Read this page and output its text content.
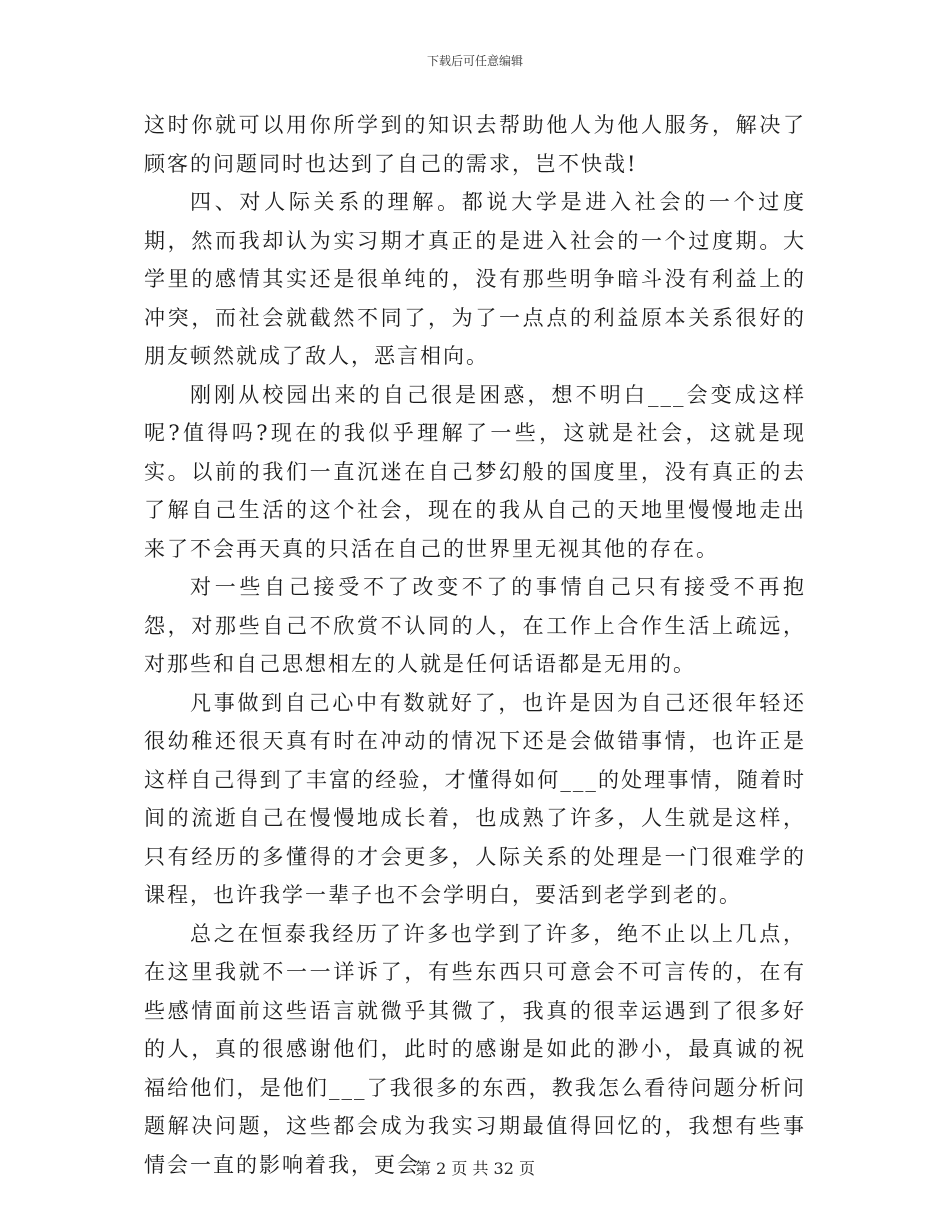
下载后可任意编辑

这时你就可以用你所学到的知识去帮助他人为他人服务，解决了顾客的问题同时也达到了自己的需求，岂不快哉!

四、对人际关系的理解。都说大学是进入社会的一个过度期，然而我却认为实习期才真正的是进入社会的一个过度期。大学里的感情其实还是很单纯的，没有那些明争暗斗没有利益上的冲突，而社会就截然不同了，为了一点点的利益原本关系很好的朋友顿然就成了敌人，恶言相向。

刚刚从校园出来的自己很是困惑，想不明白___会变成这样呢?值得吗?现在的我似乎理解了一些，这就是社会，这就是现实。以前的我们一直沉迷在自己梦幻般的国度里，没有真正的去了解自己生活的这个社会，现在的我从自己的天地里慢慢地走出来了不会再天真的只活在自己的世界里无视其他的存在。

对一些自己接受不了改变不了的事情自己只有接受不再抱怨，对那些自己不欣赏不认同的人，在工作上合作生活上疏远，对那些和自己思想相左的人就是任何话语都是无用的。

凡事做到自己心中有数就好了，也许是因为自己还很年轻还很幼稚还很天真有时在冲动的情况下还是会做错事情，也许正是这样自己得到了丰富的经验，才懂得如何___的处理事情，随着时间的流逝自己在慢慢地成长着，也成熟了许多，人生就是这样，只有经历的多懂得的才会更多，人际关系的处理是一门很难学的课程，也许我学一辈子也不会学明白，要活到老学到老的。

总之在恒泰我经历了许多也学到了许多，绝不止以上几点，在这里我就不一一详诉了，有些东西只可意会不可言传的，在有些感情面前这些语言就微乎其微了，我真的很幸运遇到了很多好的人，真的很感谢他们，此时的感谢是如此的渺小，最真诚的祝福给他们，是他们___了我很多的东西，教我怎么看待问题分析问题解决问题，这些都会成为我实习期最值得回忆的，我想有些事情会一直的影响着我，更会

第 2 页 共 32 页
